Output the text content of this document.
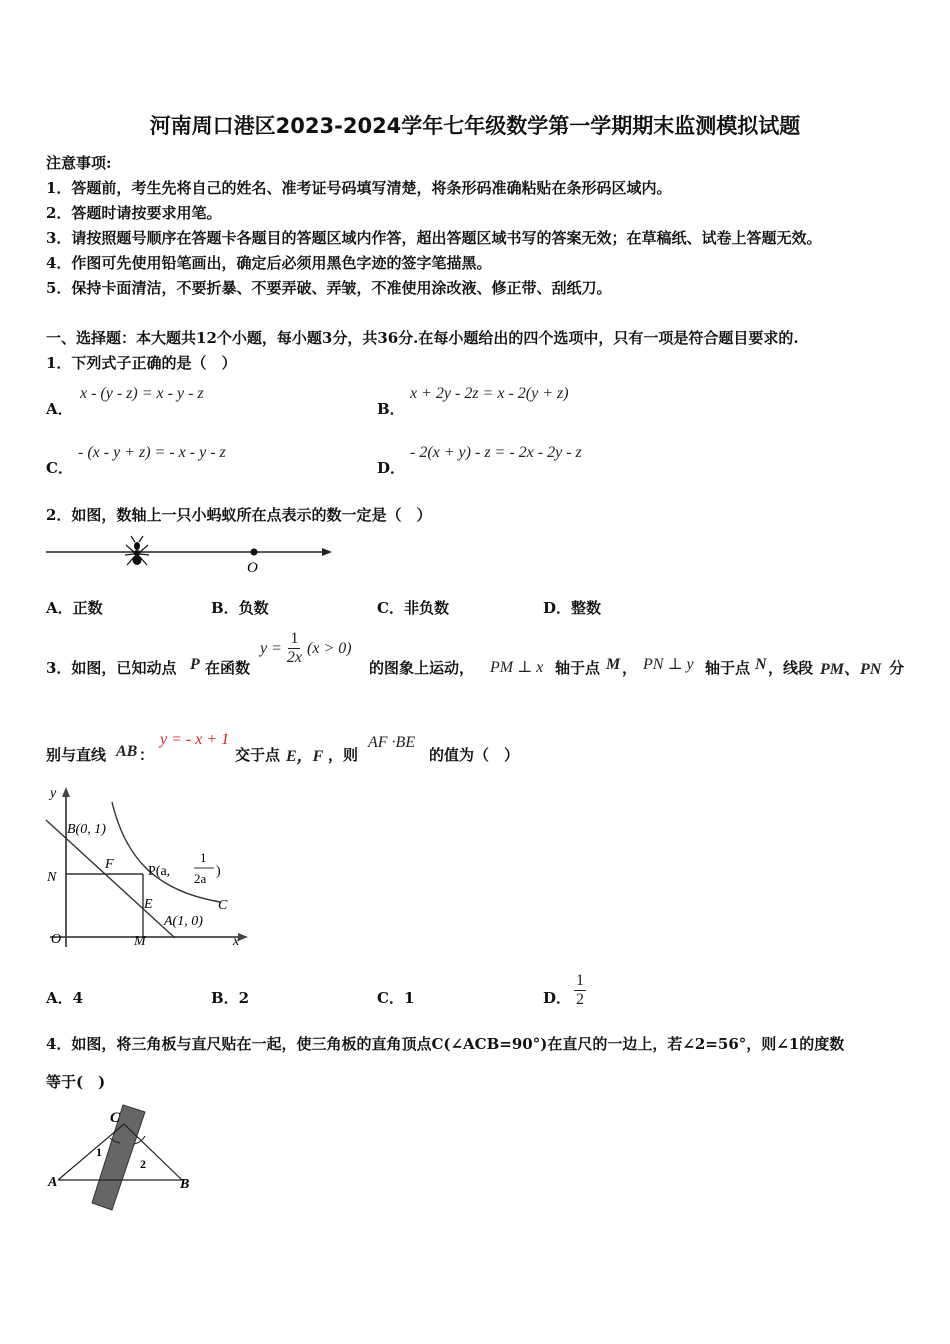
河南周口港区2023-2024学年七年级数学第一学期期末监测模拟试题
注意事项:
1．答题前，考生先将自己的姓名、准考证号码填写清楚，将条形码准确粘贴在条形码区域内。
2．答题时请按要求用笔。
3．请按照题号顺序在答题卡各题目的答题区域内作答，超出答题区域书写的答案无效；在草稿纸、试卷上答题无效。
4．作图可先使用铅笔画出，确定后必须用黑色字迹的签字笔描黑。
5．保持卡面清洁，不要折暴、不要弄破、弄皱，不准使用涂改液、修正带、刮纸刀。
一、选择题：本大题共12个小题，每小题3分，共36分.在每小题给出的四个选项中，只有一项是符合题目要求的.
1．下列式子正确的是（　）
A．
x - (y - z) = x - y - z
B．
x + 2y - 2z = x - 2(y + z)
C．
- (x - y + z) = - x - y - z
D．
- 2(x + y) - z = - 2x - 2y - z
2．如图，数轴上一只小蚂蚁所在点表示的数一定是（　）
O
A．正数	B．负数	C．非负数	D．整数
3．如图，已知动点 P 在函数
$y = \frac{1}{2x} (x > 0)$
的图象上运动， PM ⊥ x 轴于点 M ， PN ⊥ y 轴于点 N ，线段 PM、PN 分
别与直线 AB ：
y = - x + 1
交于点 E，F ，则
AF ·BE
的值为（　）
y
x
O
B(0, 1)
N
F P(a,
1
2a )
E
A(1, 0)
M
C
A．4	B．2	C．1	D． $\frac{1}{2}$
4．如图，将三角板与直尺贴在一起，使三角板的直角顶点C(∠ACB=90°)在直尺的一边上，若∠2=56°，则∠1的度数
等于(　)
C
A	B
1
2
